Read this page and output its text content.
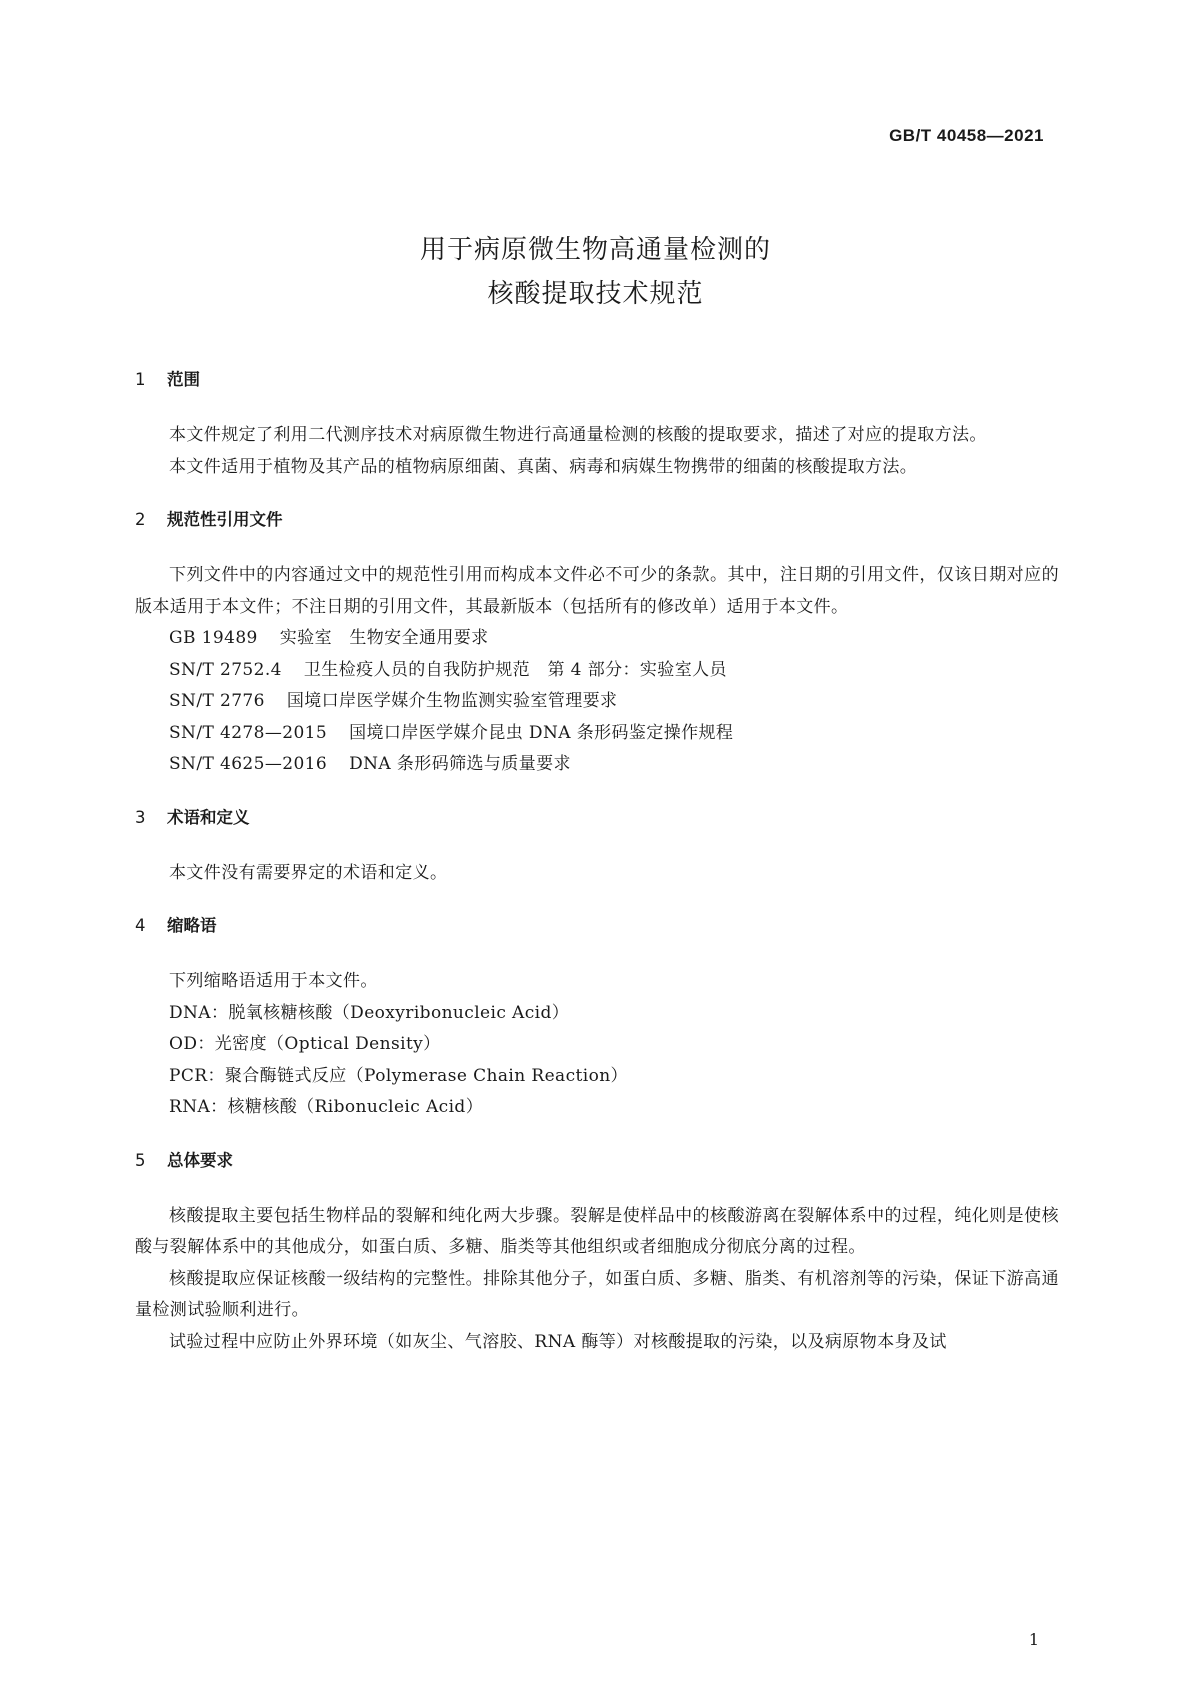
GB/T 40458—2021
用于病原微生物高通量检测的
核酸提取技术规范
1	范围

本文件规定了利用二代测序技术对病原微生物进行高通量检测的核酸的提取要求，描述了对应的提取方法。

本文件适用于植物及其产品的植物病原细菌、真菌、病毒和病媒生物携带的细菌的核酸提取方法。

2	规范性引用文件

下列文件中的内容通过文中的规范性引用而构成本文件必不可少的条款。其中，注日期的引用文件，仅该日期对应的版本适用于本文件；不注日期的引用文件，其最新版本（包括所有的修改单）适用于本文件。

GB 19489 实验室　生物安全通用要求
SN/T 2752.4 卫生检疫人员的自我防护规范　第 4 部分：实验室人员
SN/T 2776 国境口岸医学媒介生物监测实验室管理要求
SN/T 4278—2015 国境口岸医学媒介昆虫 DNA 条形码鉴定操作规程
SN/T 4625—2016 DNA 条形码筛选与质量要求
3	术语和定义

本文件没有需要界定的术语和定义。

4	缩略语

下列缩略语适用于本文件。

DNA：脱氧核糖核酸（Deoxyribonucleic Acid）
OD：光密度（Optical Density）
PCR：聚合酶链式反应（Polymerase Chain Reaction）
RNA：核糖核酸（Ribonucleic Acid）
5	总体要求

核酸提取主要包括生物样品的裂解和纯化两大步骤。裂解是使样品中的核酸游离在裂解体系中的过程，纯化则是使核酸与裂解体系中的其他成分，如蛋白质、多糖、脂类等其他组织或者细胞成分彻底分离的过程。

核酸提取应保证核酸一级结构的完整性。排除其他分子，如蛋白质、多糖、脂类、有机溶剂等的污染，保证下游高通量检测试验顺利进行。

试验过程中应防止外界环境（如灰尘、气溶胶、RNA 酶等）对核酸提取的污染，以及病原物本身及试

1
